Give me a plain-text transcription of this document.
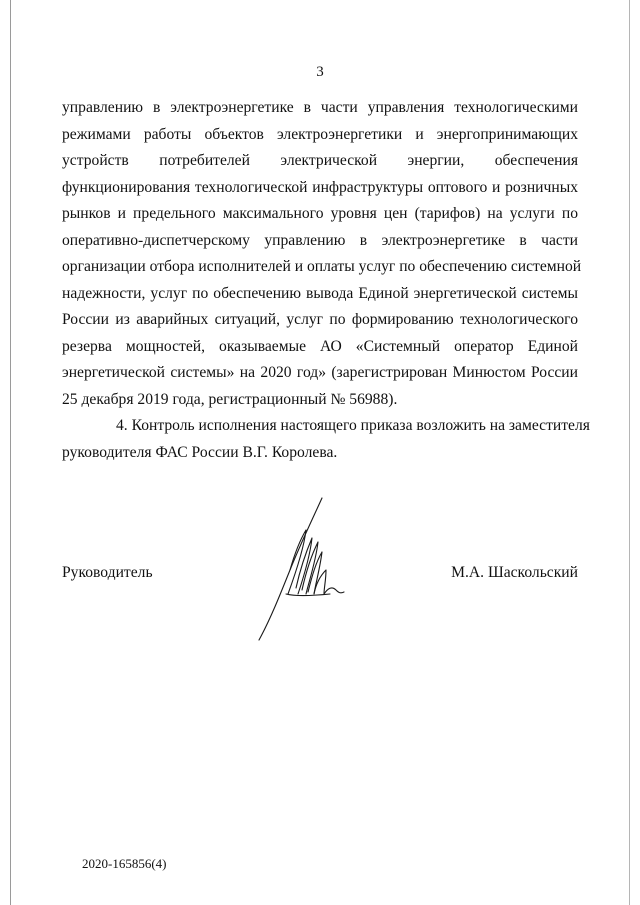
3

управлению в электроэнергетике в части управления технологическими
режимами работы объектов электроэнергетики и энергопринимающих
устройств потребителей электрической энергии, обеспечения
функционирования технологической инфраструктуры оптового и розничных
рынков и предельного максимального уровня цен (тарифов) на услуги по
оперативно-диспетчерскому управлению в электроэнергетике в части
организации отбора исполнителей и оплаты услуг по обеспечению системной
надежности, услуг по обеспечению вывода Единой энергетической системы
России из аварийных ситуаций, услуг по формированию технологического
резерва мощностей, оказываемые АО «Системный оператор Единой
энергетической системы» на 2020 год» (зарегистрирован Минюстом России
25 декабря 2019 года, регистрационный № 56988).

4. Контроль исполнения настоящего приказа возложить на заместителя
руководителя ФАС России В.Г. Королева.

Руководитель	М.А. Шаскольский
2020-165856(4)
